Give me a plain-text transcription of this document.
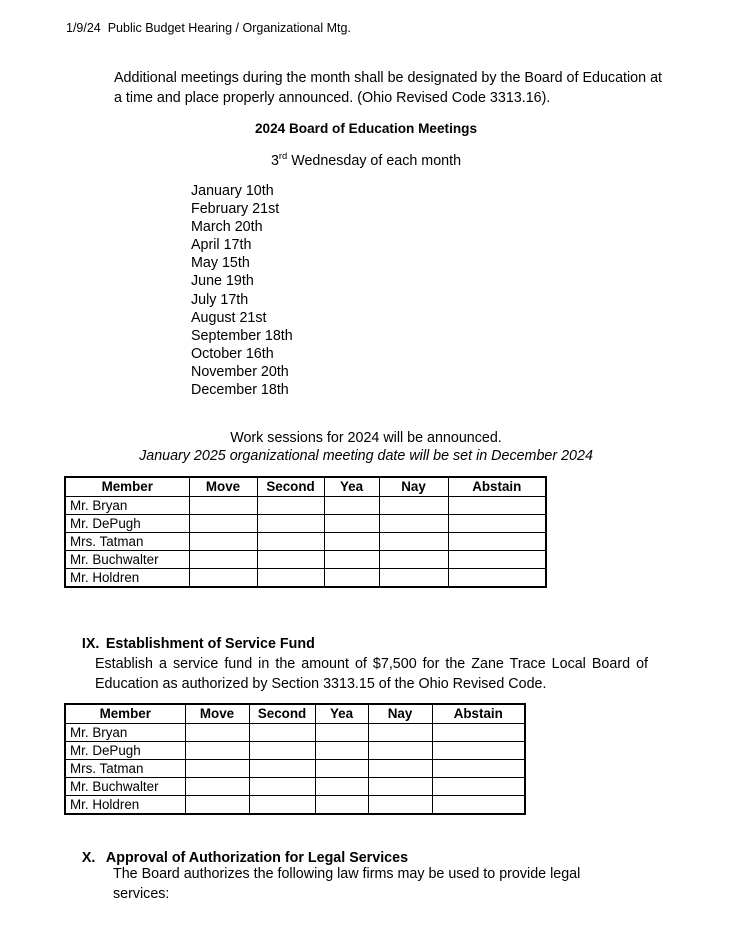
1/9/24  Public Budget Hearing / Organizational Mtg.
Additional meetings during the month shall be designated by the Board of Education at a time and place properly announced. (Ohio Revised Code 3313.16).
2024 Board of Education Meetings
3rd Wednesday of each month
January 10th
February 21st
March 20th
April 17th
May 15th
June 19th
July 17th
August 21st
September 18th
October 16th
November 20th
December 18th
Work sessions for 2024 will be announced.
January 2025 organizational meeting date will be set in December 2024
Member	Move	Second	Yea	Nay	Abstain
Mr. Bryan					
Mr. DePugh					
Mrs. Tatman					
Mr. Buchwalter					
Mr. Holdren					

IX. Establishment of Service Fund

Establish a service fund in the amount of $7,500 for the Zane Trace Local Board of Education as authorized by Section 3313.15 of the Ohio Revised Code.
Member	Move	Second	Yea	Nay	Abstain
Mr. Bryan					
Mr. DePugh					
Mrs. Tatman					
Mr. Buchwalter					
Mr. Holdren					

X. Approval of Authorization for Legal Services

The Board authorizes the following law firms may be used to provide legal services:
